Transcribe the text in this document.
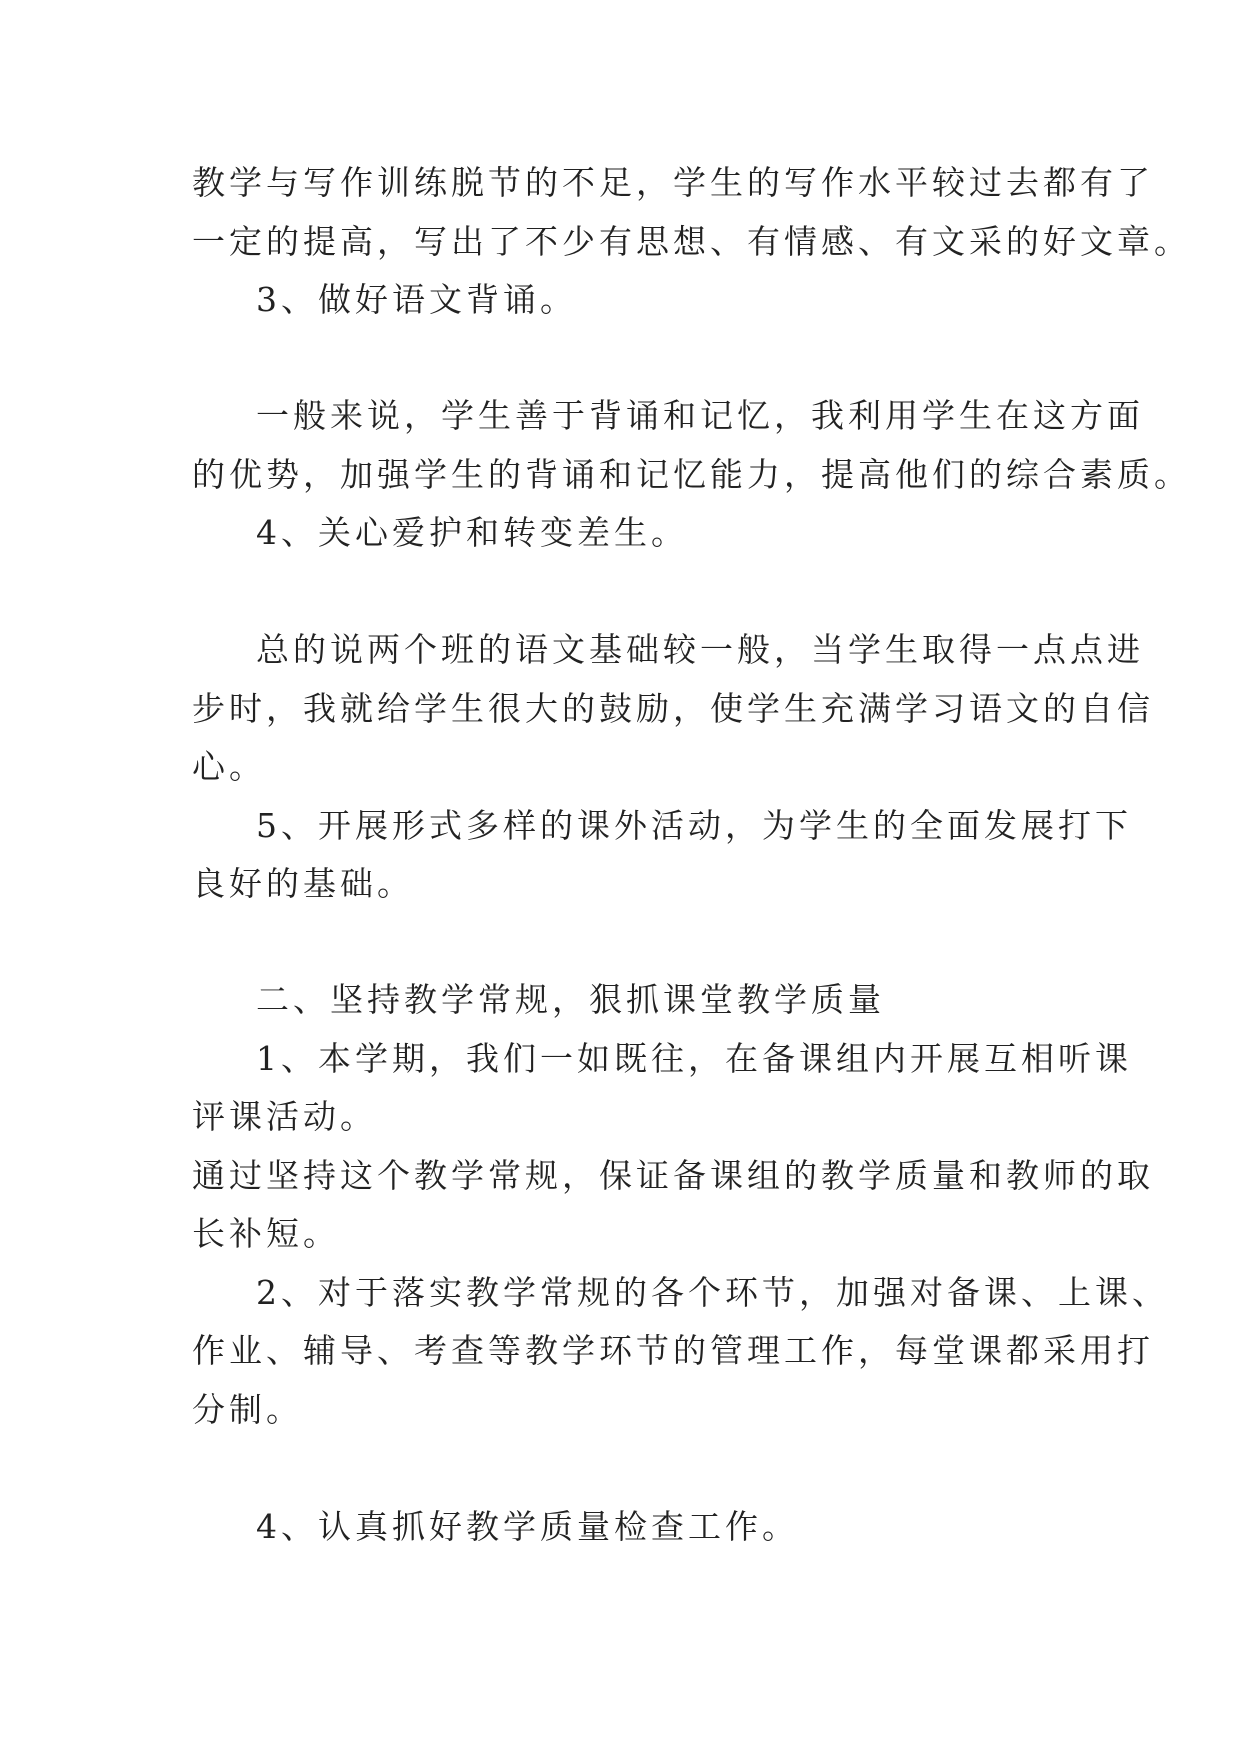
教学与写作训练脱节的不足，学生的写作水平较过去都有了
一定的提高，写出了不少有思想、有情感、有文采的好文章。
3、做好语文背诵。
一般来说，学生善于背诵和记忆，我利用学生在这方面
的优势，加强学生的背诵和记忆能力，提高他们的综合素质。
4、关心爱护和转变差生。
总的说两个班的语文基础较一般，当学生取得一点点进
步时，我就给学生很大的鼓励，使学生充满学习语文的自信
心。
5、开展形式多样的课外活动，为学生的全面发展打下
良好的基础。
二、坚持教学常规，狠抓课堂教学质量
1、本学期，我们一如既往，在备课组内开展互相听课
评课活动。
通过坚持这个教学常规，保证备课组的教学质量和教师的取
长补短。
2、对于落实教学常规的各个环节，加强对备课、上课、
作业、辅导、考查等教学环节的管理工作，每堂课都采用打
分制。
4、认真抓好教学质量检查工作。
